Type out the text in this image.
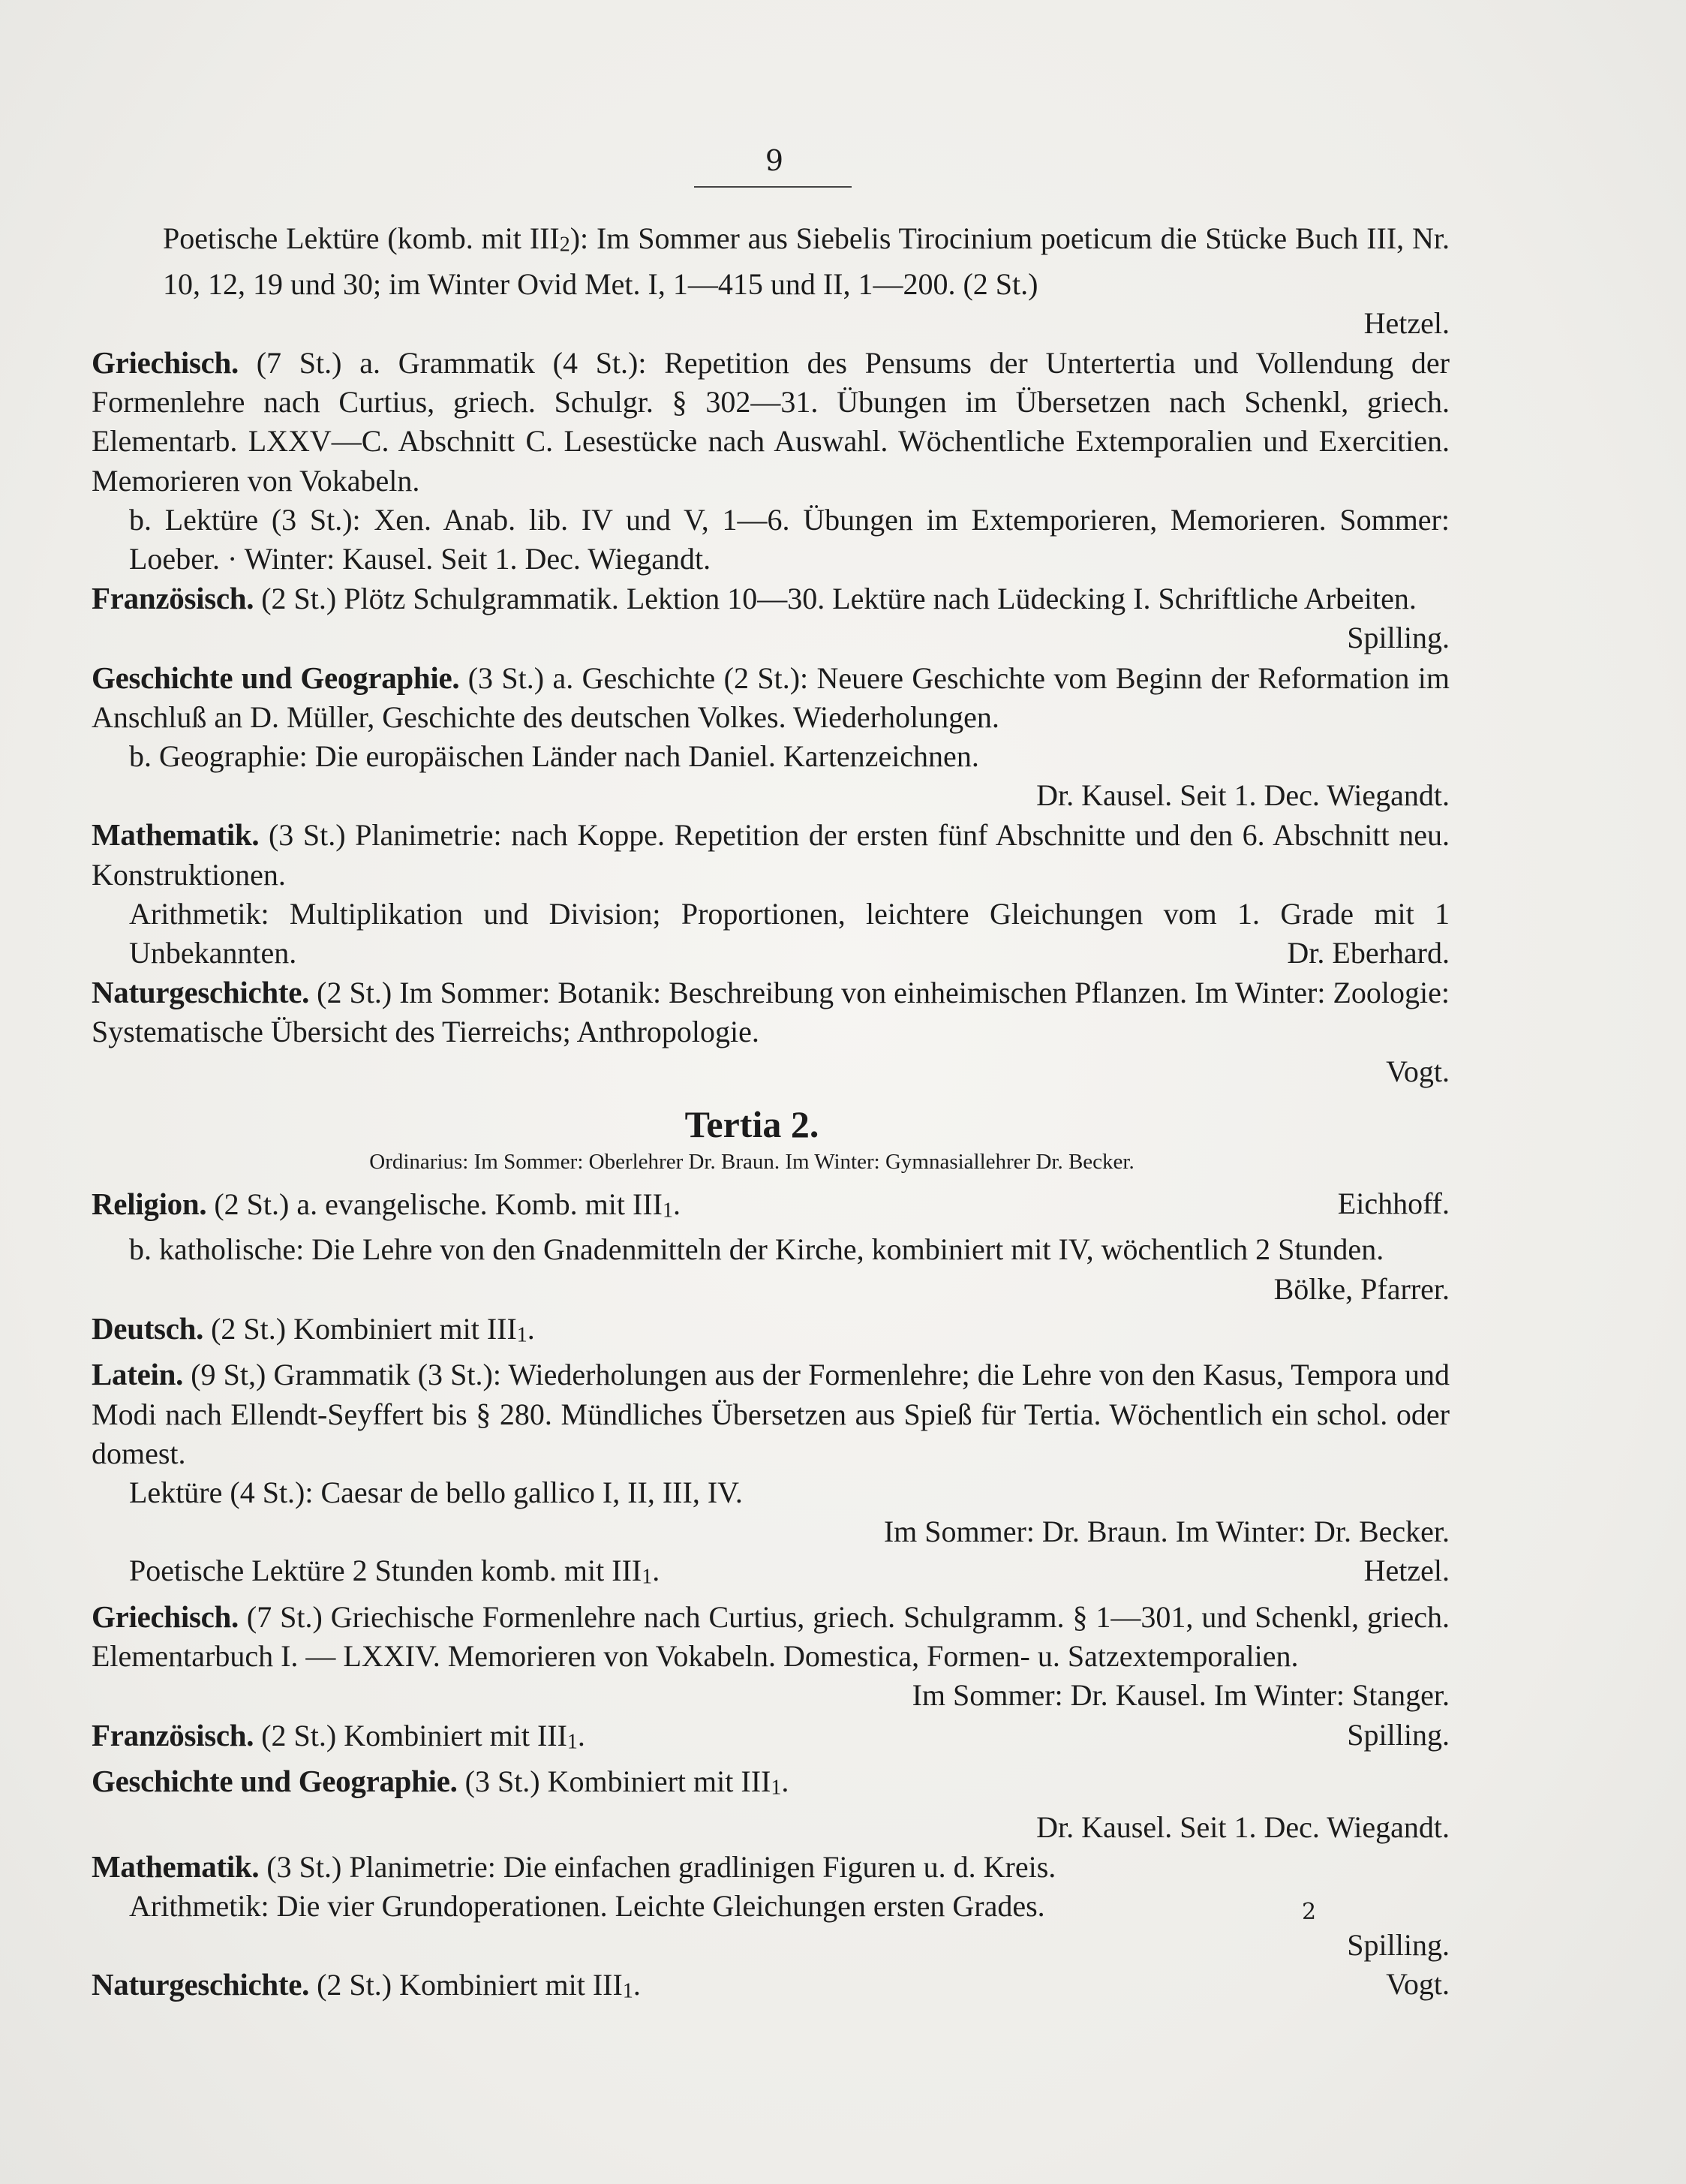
9

Poetische Lektüre (komb. mit III2): Im Sommer aus Siebelis Tirocinium poeticum die Stücke Buch III, Nr. 10, 12, 19 und 30; im Winter Ovid Met. I, 1—415 und II, 1—200. (2 St.)

Hetzel.

Griechisch. (7 St.) a. Grammatik (4 St.): Repetition des Pensums der Untertertia und Vollendung der Formenlehre nach Curtius, griech. Schulgr. § 302—31. Übungen im Übersetzen nach Schenkl, griech. Elementarb. LXXV—C. Abschnitt C. Lesestücke nach Auswahl. Wöchentliche Extemporalien und Exercitien. Memorieren von Vokabeln.

b. Lektüre (3 St.): Xen. Anab. lib. IV und V, 1—6. Übungen im Extemporieren, Memorieren. Sommer: Loeber. · Winter: Kausel. Seit 1. Dec. Wiegandt.

Französisch. (2 St.) Plötz Schulgrammatik. Lektion 10—30. Lektüre nach Lüdecking I. Schriftliche Arbeiten.

Spilling.

Geschichte und Geographie. (3 St.) a. Geschichte (2 St.): Neuere Geschichte vom Beginn der Reformation im Anschluß an D. Müller, Geschichte des deutschen Volkes. Wiederholungen.

b. Geographie: Die europäischen Länder nach Daniel. Kartenzeichnen.

Dr. Kausel. Seit 1. Dec. Wiegandt.

Mathematik. (3 St.) Planimetrie: nach Koppe. Repetition der ersten fünf Abschnitte und den 6. Abschnitt neu. Konstruktionen.

Arithmetik: Multiplikation und Division; Proportionen, leichtere Gleichungen vom 1. Grade mit 1 Unbekannten.	Dr. Eberhard.

Naturgeschichte. (2 St.) Im Sommer: Botanik: Beschreibung von einheimischen Pflanzen. Im Winter: Zoologie: Systematische Übersicht des Tierreichs; Anthropologie.

Vogt.

Tertia 2.
Ordinarius: Im Sommer: Oberlehrer Dr. Braun. Im Winter: Gymnasiallehrer Dr. Becker.

Religion. (2 St.) a. evangelische. Komb. mit III1.	Eichhoff.

b. katholische: Die Lehre von den Gnadenmitteln der Kirche, kombiniert mit IV, wöchentlich 2 Stunden.

Bölke, Pfarrer.

Deutsch. (2 St.) Kombiniert mit III1.

Latein. (9 St,) Grammatik (3 St.): Wiederholungen aus der Formenlehre; die Lehre von den Kasus, Tempora und Modi nach Ellendt-Seyffert bis § 280. Mündliches Übersetzen aus Spieß für Tertia. Wöchentlich ein schol. oder domest.

Lektüre (4 St.): Caesar de bello gallico I, II, III, IV.

Im Sommer: Dr. Braun. Im Winter: Dr. Becker.

Poetische Lektüre 2 Stunden komb. mit III1.	Hetzel.

Griechisch. (7 St.) Griechische Formenlehre nach Curtius, griech. Schulgramm. § 1—301, und Schenkl, griech. Elementarbuch I. — LXXIV. Memorieren von Vokabeln. Domestica, Formen- u. Satzextemporalien.

Im Sommer: Dr. Kausel. Im Winter: Stanger.

Französisch. (2 St.) Kombiniert mit III1.	Spilling.

Geschichte und Geographie. (3 St.) Kombiniert mit III1.

Dr. Kausel. Seit 1. Dec. Wiegandt.

Mathematik. (3 St.) Planimetrie: Die einfachen gradlinigen Figuren u. d. Kreis.

Arithmetik: Die vier Grundoperationen. Leichte Gleichungen ersten Grades.

Spilling.

Naturgeschichte. (2 St.) Kombiniert mit III1.	Vogt.

2
